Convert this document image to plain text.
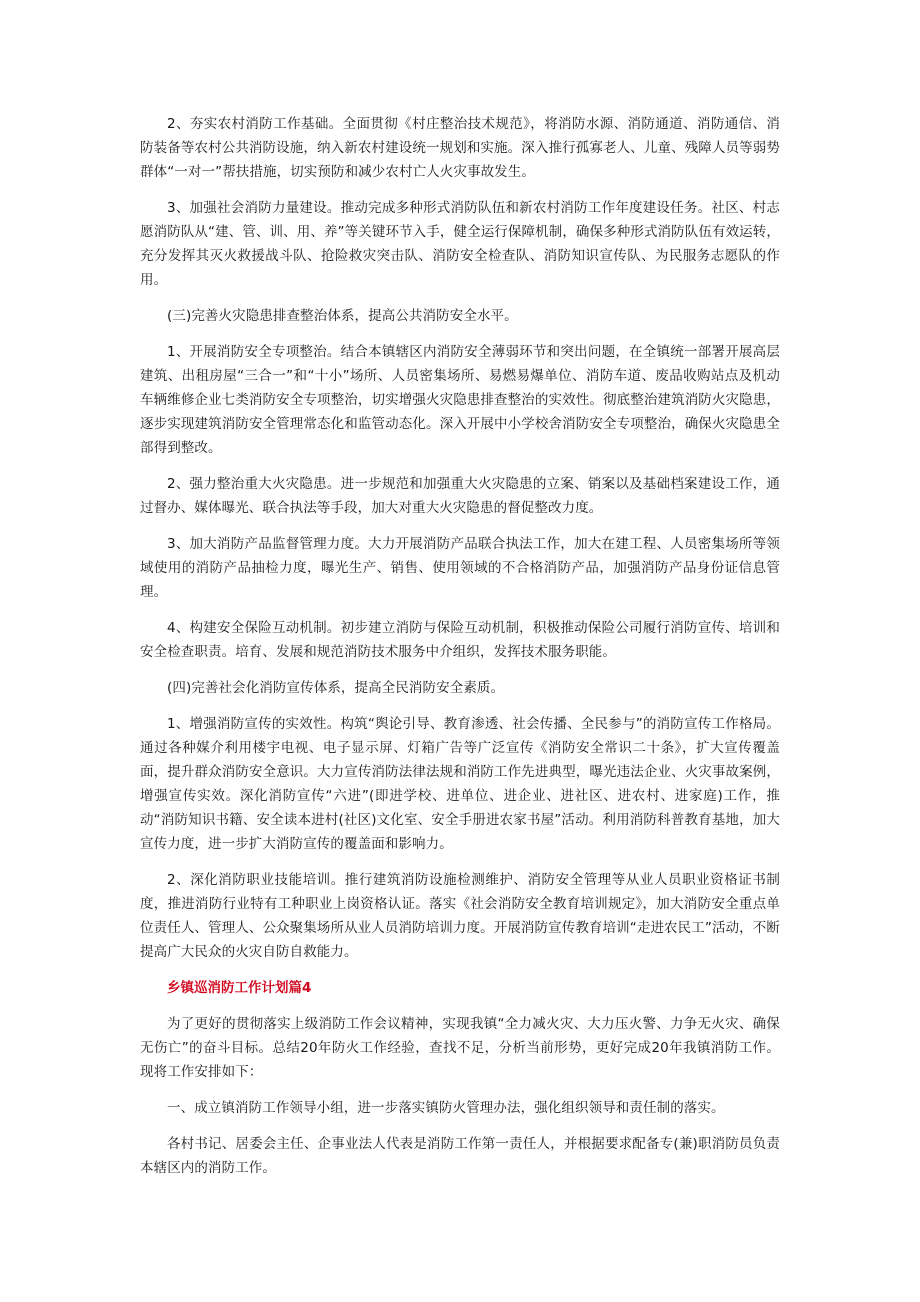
2、夯实农村消防工作基础。全面贯彻《村庄整治技术规范》，将消防水源、消防通道、消防通信、消防装备等农村公共消防设施，纳入新农村建设统一规划和实施。深入推行孤寡老人、儿童、残障人员等弱势群体“一对一”帮扶措施，切实预防和减少农村亡人火灾事故发生。

3、加强社会消防力量建设。推动完成多种形式消防队伍和新农村消防工作年度建设任务。社区、村志愿消防队从“建、管、训、用、养”等关键环节入手，健全运行保障机制，确保多种形式消防队伍有效运转，充分发挥其灭火救援战斗队、抢险救灾突击队、消防安全检查队、消防知识宣传队、为民服务志愿队的作用。

(三)完善火灾隐患排查整治体系，提高公共消防安全水平。

1、开展消防安全专项整治。结合本镇辖区内消防安全薄弱环节和突出问题，在全镇统一部署开展高层建筑、出租房屋“三合一”和“十小”场所、人员密集场所、易燃易爆单位、消防车道、废品收购站点及机动车辆维修企业七类消防安全专项整治，切实增强火灾隐患排查整治的实效性。彻底整治建筑消防火灾隐患，逐步实现建筑消防安全管理常态化和监管动态化。深入开展中小学校舍消防安全专项整治，确保火灾隐患全部得到整改。

2、强力整治重大火灾隐患。进一步规范和加强重大火灾隐患的立案、销案以及基础档案建设工作，通过督办、媒体曝光、联合执法等手段，加大对重大火灾隐患的督促整改力度。

3、加大消防产品监督管理力度。大力开展消防产品联合执法工作，加大在建工程、人员密集场所等领域使用的消防产品抽检力度，曝光生产、销售、使用领域的不合格消防产品，加强消防产品身份证信息管理。

4、构建安全保险互动机制。初步建立消防与保险互动机制，积极推动保险公司履行消防宣传、培训和安全检查职责。培育、发展和规范消防技术服务中介组织，发挥技术服务职能。

(四)完善社会化消防宣传体系，提高全民消防安全素质。

1、增强消防宣传的实效性。构筑“舆论引导、教育渗透、社会传播、全民参与”的消防宣传工作格局。通过各种媒介利用楼宇电视、电子显示屏、灯箱广告等广泛宣传《消防安全常识二十条》，扩大宣传覆盖面，提升群众消防安全意识。大力宣传消防法律法规和消防工作先进典型，曝光违法企业、火灾事故案例，增强宣传实效。深化消防宣传“六进”(即进学校、进单位、进企业、进社区、进农村、进家庭)工作，推动“消防知识书籍、安全读本进村(社区)文化室、安全手册进农家书屋”活动。利用消防科普教育基地，加大宣传力度，进一步扩大消防宣传的覆盖面和影响力。

2、深化消防职业技能培训。推行建筑消防设施检测维护、消防安全管理等从业人员职业资格证书制度，推进消防行业特有工种职业上岗资格认证。落实《社会消防安全教育培训规定》，加大消防安全重点单位责任人、管理人、公众聚集场所从业人员消防培训力度。开展消防宣传教育培训“走进农民工”活动，不断提高广大民众的火灾自防自救能力。

乡镇巡消防工作计划篇4

为了更好的贯彻落实上级消防工作会议精神，实现我镇“全力减火灾、大力压火警、力争无火灾、确保无伤亡”的奋斗目标。总结20年防火工作经验，查找不足，分析当前形势，更好完成20年我镇消防工作。现将工作安排如下：

一、成立镇消防工作领导小组，进一步落实镇防火管理办法，强化组织领导和责任制的落实。

各村书记、居委会主任、企事业法人代表是消防工作第一责任人，并根据要求配备专(兼)职消防员负责本辖区内的消防工作。
